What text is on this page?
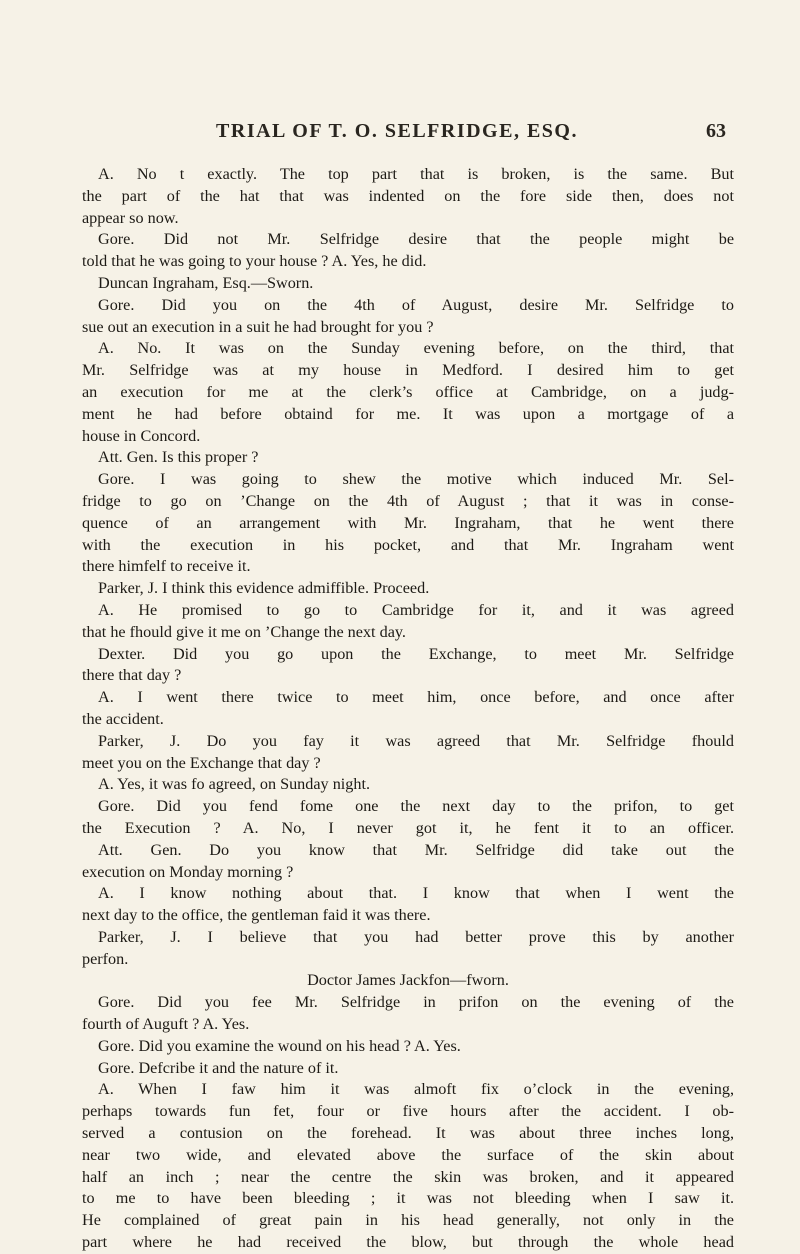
TRIAL OF T. O. SELFRIDGE, ESQ.	63
A. No t exactly. The top part that is broken, is the same. But
the part of the hat that was indented on the fore side then, does not
appear so now.
Gore. Did not Mr. Selfridge desire that the people might be
told that he was going to your house ? A. Yes, he did.
Duncan Ingraham, Esq.—Sworn.
Gore. Did you on the 4th of August, desire Mr. Selfridge to
sue out an execution in a suit he had brought for you ?
A. No. It was on the Sunday evening before, on the third, that
Mr. Selfridge was at my house in Medford. I desired him to get
an execution for me at the clerk’s office at Cambridge, on a judg-
ment he had before obtaind for me. It was upon a mortgage of a
house in Concord.
Att. Gen. Is this proper ?
Gore. I was going to shew the motive which induced Mr. Sel-
fridge to go on ’Change on the 4th of August ; that it was in conse-
quence of an arrangement with Mr. Ingraham, that he went there
with the execution in his pocket, and that Mr. Ingraham went
there himfelf to receive it.
Parker, J. I think this evidence admiffible. Proceed.
A. He promised to go to Cambridge for it, and it was agreed
that he fhould give it me on ’Change the next day.
Dexter. Did you go upon the Exchange, to meet Mr. Selfridge
there that day ?
A. I went there twice to meet him, once before, and once after
the accident.
Parker, J. Do you fay it was agreed that Mr. Selfridge fhould
meet you on the Exchange that day ?
A. Yes, it was fo agreed, on Sunday night.
Gore. Did you fend fome one the next day to the prifon, to get
the Execution ? A. No, I never got it, he fent it to an officer.
Att. Gen. Do you know that Mr. Selfridge did take out the
execution on Monday morning ?
A. I know nothing about that. I know that when I went the
next day to the office, the gentleman faid it was there.
Parker, J. I believe that you had better prove this by another
perfon.
Doctor James Jackfon—fworn.
Gore. Did you fee Mr. Selfridge in prifon on the evening of the
fourth of Auguft ? A. Yes.
Gore. Did you examine the wound on his head ? A. Yes.
Gore. Defcribe it and the nature of it.
A. When I faw him it was almoft fix o’clock in the evening,
perhaps towards fun fet, four or five hours after the accident. I ob-
served a contusion on the forehead. It was about three inches long,
near two wide, and elevated above the surface of the skin about
half an inch ; near the centre the skin was broken, and it appeared
to me to have been bleeding ; it was not bleeding when I saw it.
He complained of great pain in his head generally, not only in the
part where he had received the blow, but through the whole head
